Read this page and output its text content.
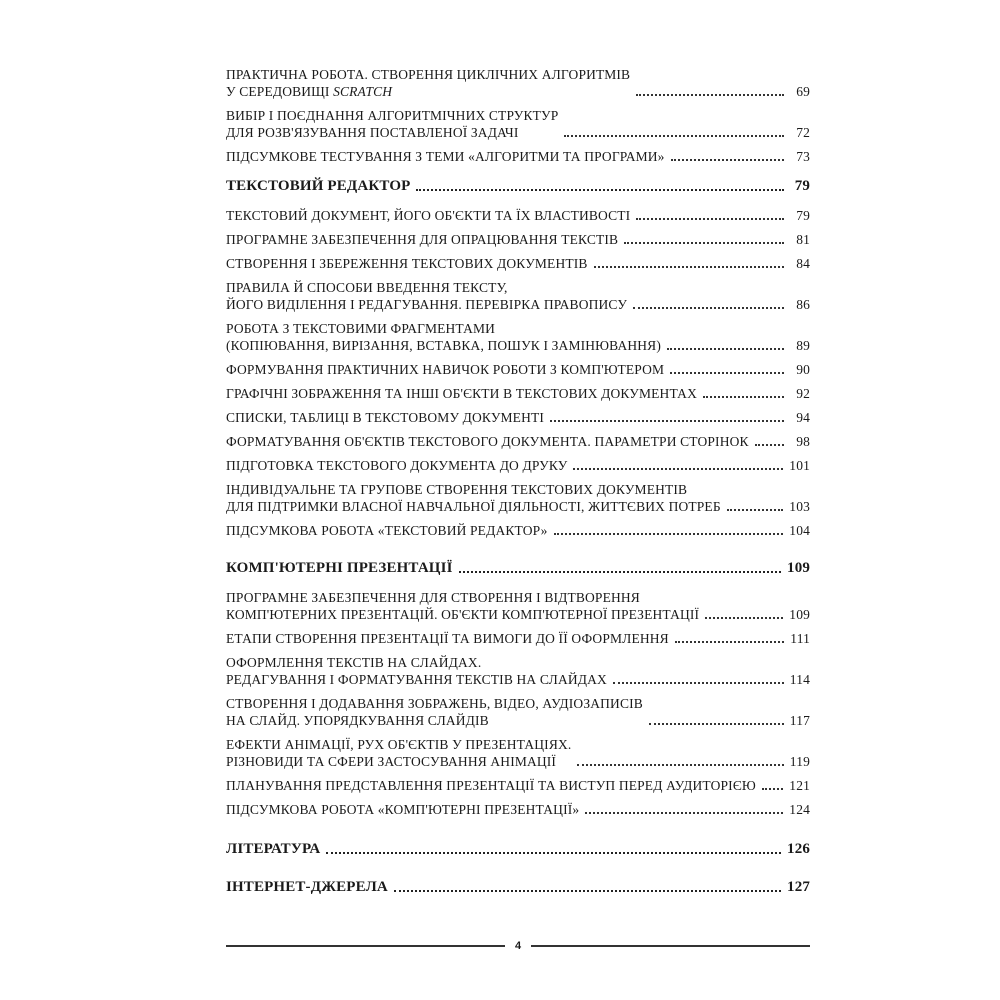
ПРАКТИЧНА РОБОТА. СТВОРЕННЯ ЦИКЛІЧНИХ АЛГОРИТМІВ
У СЕРЕДОВИЩІ SCRATCH	69
ВИБІР І ПОЄДНАННЯ АЛГОРИТМІЧНИХ СТРУКТУР
ДЛЯ РОЗВ'ЯЗУВАННЯ ПОСТАВЛЕНОЇ ЗАДАЧІ	72
ПІДСУМКОВЕ ТЕСТУВАННЯ З ТЕМИ «АЛГОРИТМИ ТА ПРОГРАМИ»	73
ТЕКСТОВИЙ РЕДАКТОР	79
ТЕКСТОВИЙ ДОКУМЕНТ, ЙОГО ОБ'ЄКТИ ТА ЇХ ВЛАСТИВОСТІ	79
ПРОГРАМНЕ ЗАБЕЗПЕЧЕННЯ ДЛЯ ОПРАЦЮВАННЯ ТЕКСТІВ	81
СТВОРЕННЯ І ЗБЕРЕЖЕННЯ ТЕКСТОВИХ ДОКУМЕНТІВ	84
ПРАВИЛА Й СПОСОБИ ВВЕДЕННЯ ТЕКСТУ,
ЙОГО ВИДІЛЕННЯ І РЕДАГУВАННЯ. ПЕРЕВІРКА ПРАВОПИСУ	86
РОБОТА З ТЕКСТОВИМИ ФРАГМЕНТАМИ
(КОПІЮВАННЯ, ВИРІЗАННЯ, ВСТАВКА, ПОШУК І ЗАМІНЮВАННЯ)	89
ФОРМУВАННЯ ПРАКТИЧНИХ НАВИЧОК РОБОТИ З КОМП'ЮТЕРОМ	90
ГРАФІЧНІ ЗОБРАЖЕННЯ ТА ІНШІ ОБ'ЄКТИ В ТЕКСТОВИХ ДОКУМЕНТАХ	92
СПИСКИ, ТАБЛИЦІ В ТЕКСТОВОМУ ДОКУМЕНТІ	94
ФОРМАТУВАННЯ ОБ'ЄКТІВ ТЕКСТОВОГО ДОКУМЕНТА. ПАРАМЕТРИ СТОРІНОК	98
ПІДГОТОВКА ТЕКСТОВОГО ДОКУМЕНТА ДО ДРУКУ	101
ІНДИВІДУАЛЬНЕ ТА ГРУПОВЕ СТВОРЕННЯ ТЕКСТОВИХ ДОКУМЕНТІВ
ДЛЯ ПІДТРИМКИ ВЛАСНОЇ НАВЧАЛЬНОЇ ДІЯЛЬНОСТІ, ЖИТТЄВИХ ПОТРЕБ	103
ПІДСУМКОВА РОБОТА «ТЕКСТОВИЙ РЕДАКТОР»	104
КОМП'ЮТЕРНІ ПРЕЗЕНТАЦІЇ	109
ПРОГРАМНЕ ЗАБЕЗПЕЧЕННЯ ДЛЯ СТВОРЕННЯ І ВІДТВОРЕННЯ
КОМП'ЮТЕРНИХ ПРЕЗЕНТАЦІЙ. ОБ'ЄКТИ КОМП'ЮТЕРНОЇ ПРЕЗЕНТАЦІЇ	109
ЕТАПИ СТВОРЕННЯ ПРЕЗЕНТАЦІЇ ТА ВИМОГИ ДО ЇЇ ОФОРМЛЕННЯ	111
ОФОРМЛЕННЯ ТЕКСТІВ НА СЛАЙДАХ.
РЕДАГУВАННЯ І ФОРМАТУВАННЯ ТЕКСТІВ НА СЛАЙДАХ	114
СТВОРЕННЯ І ДОДАВАННЯ ЗОБРАЖЕНЬ, ВІДЕО, АУДІОЗАПИСІВ
НА СЛАЙД. УПОРЯДКУВАННЯ СЛАЙДІВ	117
ЕФЕКТИ АНІМАЦІЇ, РУХ ОБ'ЄКТІВ У ПРЕЗЕНТАЦІЯХ.
РІЗНОВИДИ ТА СФЕРИ ЗАСТОСУВАННЯ АНІМАЦІЇ	119
ПЛАНУВАННЯ ПРЕДСТАВЛЕННЯ ПРЕЗЕНТАЦІЇ ТА ВИСТУП ПЕРЕД АУДИТОРІЄЮ 121
ПІДСУМКОВА РОБОТА «КОМП'ЮТЕРНІ ПРЕЗЕНТАЦІЇ»	124
ЛІТЕРАТУРА	126
ІНТЕРНЕТ-ДЖЕРЕЛА	127
4
